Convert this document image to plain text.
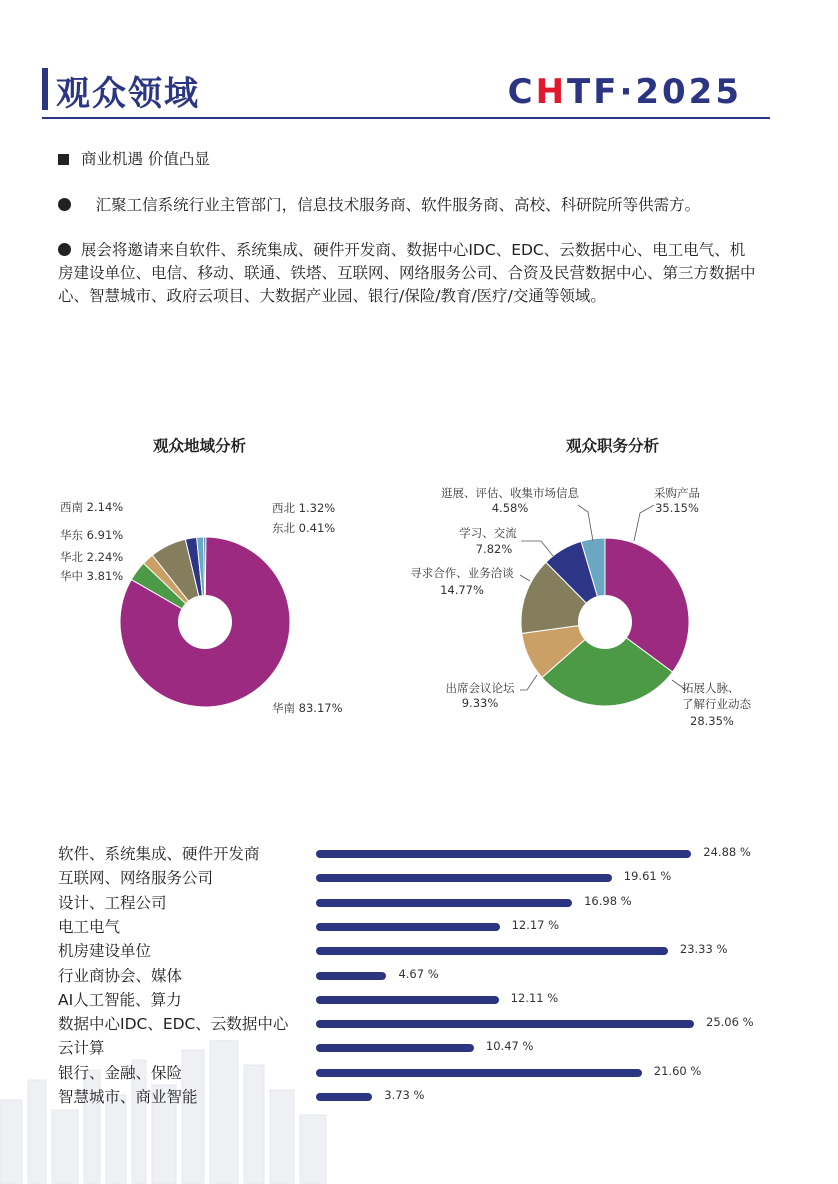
观众领域	CHTF·2025
商业机遇 价值凸显
汇聚工信系统行业主管部门，信息技术服务商、软件服务商、高校、科研院所等供需方。
展会将邀请来自软件、系统集成、硬件开发商、数据中心IDC、EDC、云数据中心、电工电气、机房建设单位、电信、移动、联通、铁塔、互联网、网络服务公司、合资及民营数据中心、第三方数据中心、智慧城市、政府云项目、大数据产业园、银行/保险/教育/医疗/交通等领域。
观众地域分析
西南 2.14%	西北 1.32%
东北 0.41%
华东 6.91%
华北 2.24%
华中 3.81%
华南 83.17%
观众职务分析
逛展、评估、收集市场信息
4.58%
采购产品
35.15%
学习、交流
7.82%
寻求合作、业务洽谈
14.77%
出席会议论坛
9.33%
拓展人脉、
了解行业动态
28.35%
软件、系统集成、硬件开发商	24.88 %
互联网、网络服务公司	19.61 %
设计、工程公司	16.98 %
电工电气	12.17 %
机房建设单位	23.33 %
行业商协会、媒体	4.67 %
AI人工智能、算力	12.11 %
数据中心IDC、EDC、云数据中心	25.06 %
云计算	10.47 %
银行、金融、保险	21.60 %
智慧城市、商业智能	3.73 %
